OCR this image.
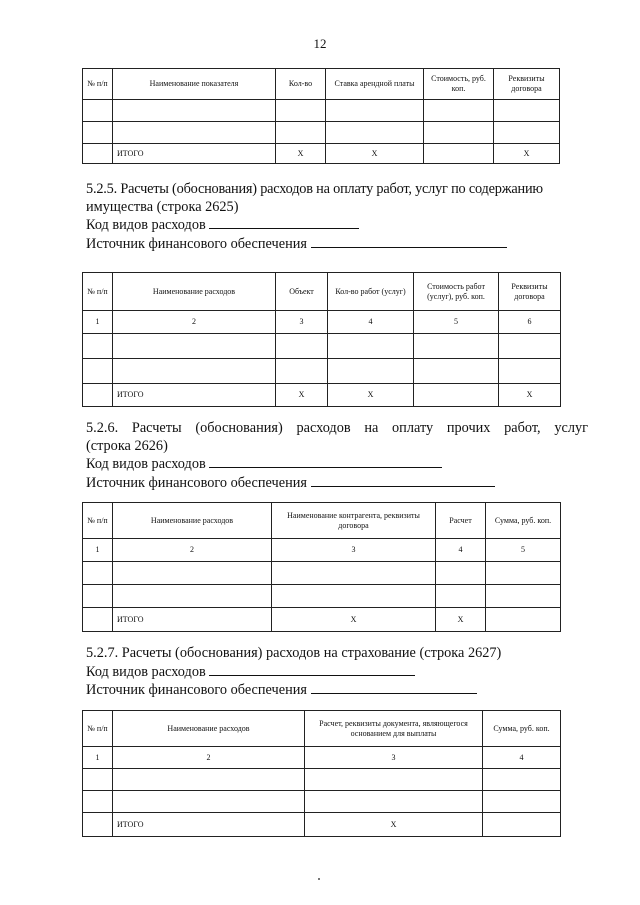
12
№ п/п	Наименование показателя	Кол-во	Ставка арендной платы	Стоимость, руб. коп.	Реквизиты договора

	ИТОГО	X	X		X
5.2.5. Расчеты (обоснования) расходов на оплату работ, услуг по содержанию
имущества (строка 2625)
Код видов расходов
Источник финансового обеспечения
№ п/п	Наименование расходов	Объект	Кол-во работ (услуг)	Стоимость работ (услуг), руб. коп.	Реквизиты договора
1	2	3	4	5	6

	ИТОГО	X	X		X
5.2.6. Расчеты (обоснования) расходов на оплату прочих работ, услуг
(строка 2626)
Код видов расходов
Источник финансового обеспечения
№ п/п	Наименование расходов	Наименование контрагента, реквизиты договора	Расчет	Сумма, руб. коп.
1	2	3	4	5

	ИТОГО	X	X	
5.2.7. Расчеты (обоснования) расходов на страхование (строка 2627)
Код видов расходов
Источник финансового обеспечения
№ п/п	Наименование расходов	Расчет, реквизиты документа, являющегося основанием для выплаты	Сумма, руб. коп.
1	2	3	4

	ИТОГО	X	
